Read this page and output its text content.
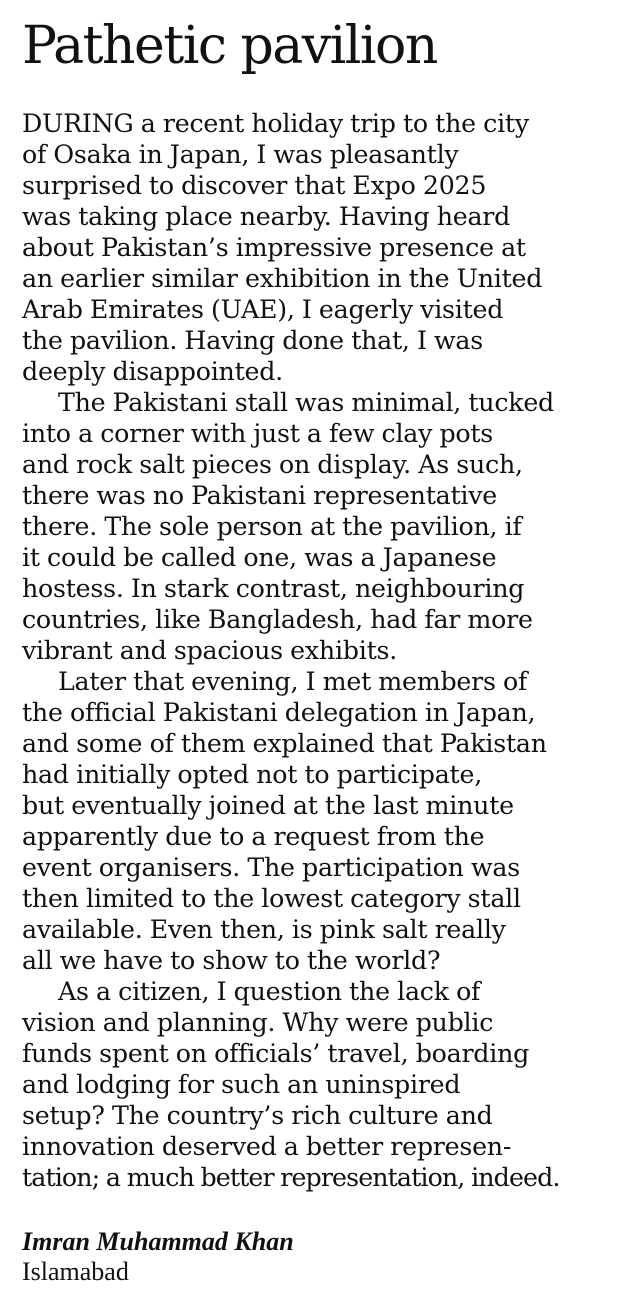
Pathetic pavilion

DURING a recent holiday trip to the city
of Osaka in Japan, I was pleasantly
surprised to discover that Expo 2025
was taking place nearby. Having heard
about Pakistan’s impressive presence at
an earlier similar exhibition in the United
Arab Emirates (UAE), I eagerly visited
the pavilion. Having done that, I was
deeply disappointed.

The Pakistani stall was minimal, tucked
into a corner with just a few clay pots
and rock salt pieces on display. As such,
there was no Pakistani representative
there. The sole person at the pavilion, if
it could be called one, was a Japanese
hostess. In stark contrast, neighbouring
countries, like Bangladesh, had far more
vibrant and spacious exhibits.

Later that evening, I met members of
the official Pakistani delegation in Japan,
and some of them explained that Pakistan
had initially opted not to participate,
but eventually joined at the last minute
apparently due to a request from the
event organisers. The participation was
then limited to the lowest category stall
available. Even then, is pink salt really
all we have to show to the world?

As a citizen, I question the lack of
vision and planning. Why were public
funds spent on officials’ travel, boarding
and lodging for such an uninspired
setup? The country’s rich culture and
innovation deserved a better represen-
tation; a much better representation, indeed.

Imran Muhammad Khan
Islamabad
